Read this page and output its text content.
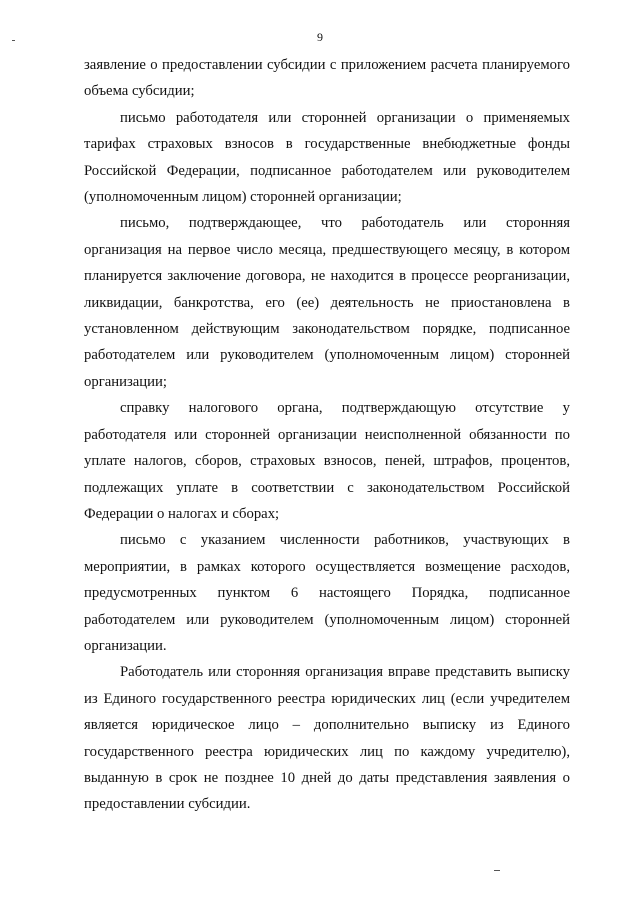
9

заявление о предоставлении субсидии с приложением расчета планируемого объема субсидии;

письмо работодателя или сторонней организации о применяемых тарифах страховых взносов в государственные внебюджетные фонды Российской Федерации, подписанное работодателем или руководителем (уполномоченным лицом) сторонней организации;

письмо, подтверждающее, что работодатель или сторонняя организация на первое число месяца, предшествующего месяцу, в котором планируется заключение договора, не находится в процессе реорганизации, ликвидации, банкротства, его (ее) деятельность не приостановлена в установленном действующим законодательством порядке, подписанное работодателем или руководителем (уполномоченным лицом) сторонней организации;

справку налогового органа, подтверждающую отсутствие у работодателя или сторонней организации неисполненной обязанности по уплате налогов, сборов, страховых взносов, пеней, штрафов, процентов, подлежащих уплате в соответствии с законодательством Российской Федерации о налогах и сборах;

письмо с указанием численности работников, участвующих в мероприятии, в рамках которого осуществляется возмещение расходов, предусмотренных пунктом 6 настоящего Порядка, подписанное работодателем или руководителем (уполномоченным лицом) сторонней организации.

Работодатель или сторонняя организация вправе представить выписку из Единого государственного реестра юридических лиц (если учредителем является юридическое лицо – дополнительно выписку из Единого государственного реестра юридических лиц по каждому учредителю), выданную в срок не позднее 10 дней до даты представления заявления о предоставлении субсидии.
